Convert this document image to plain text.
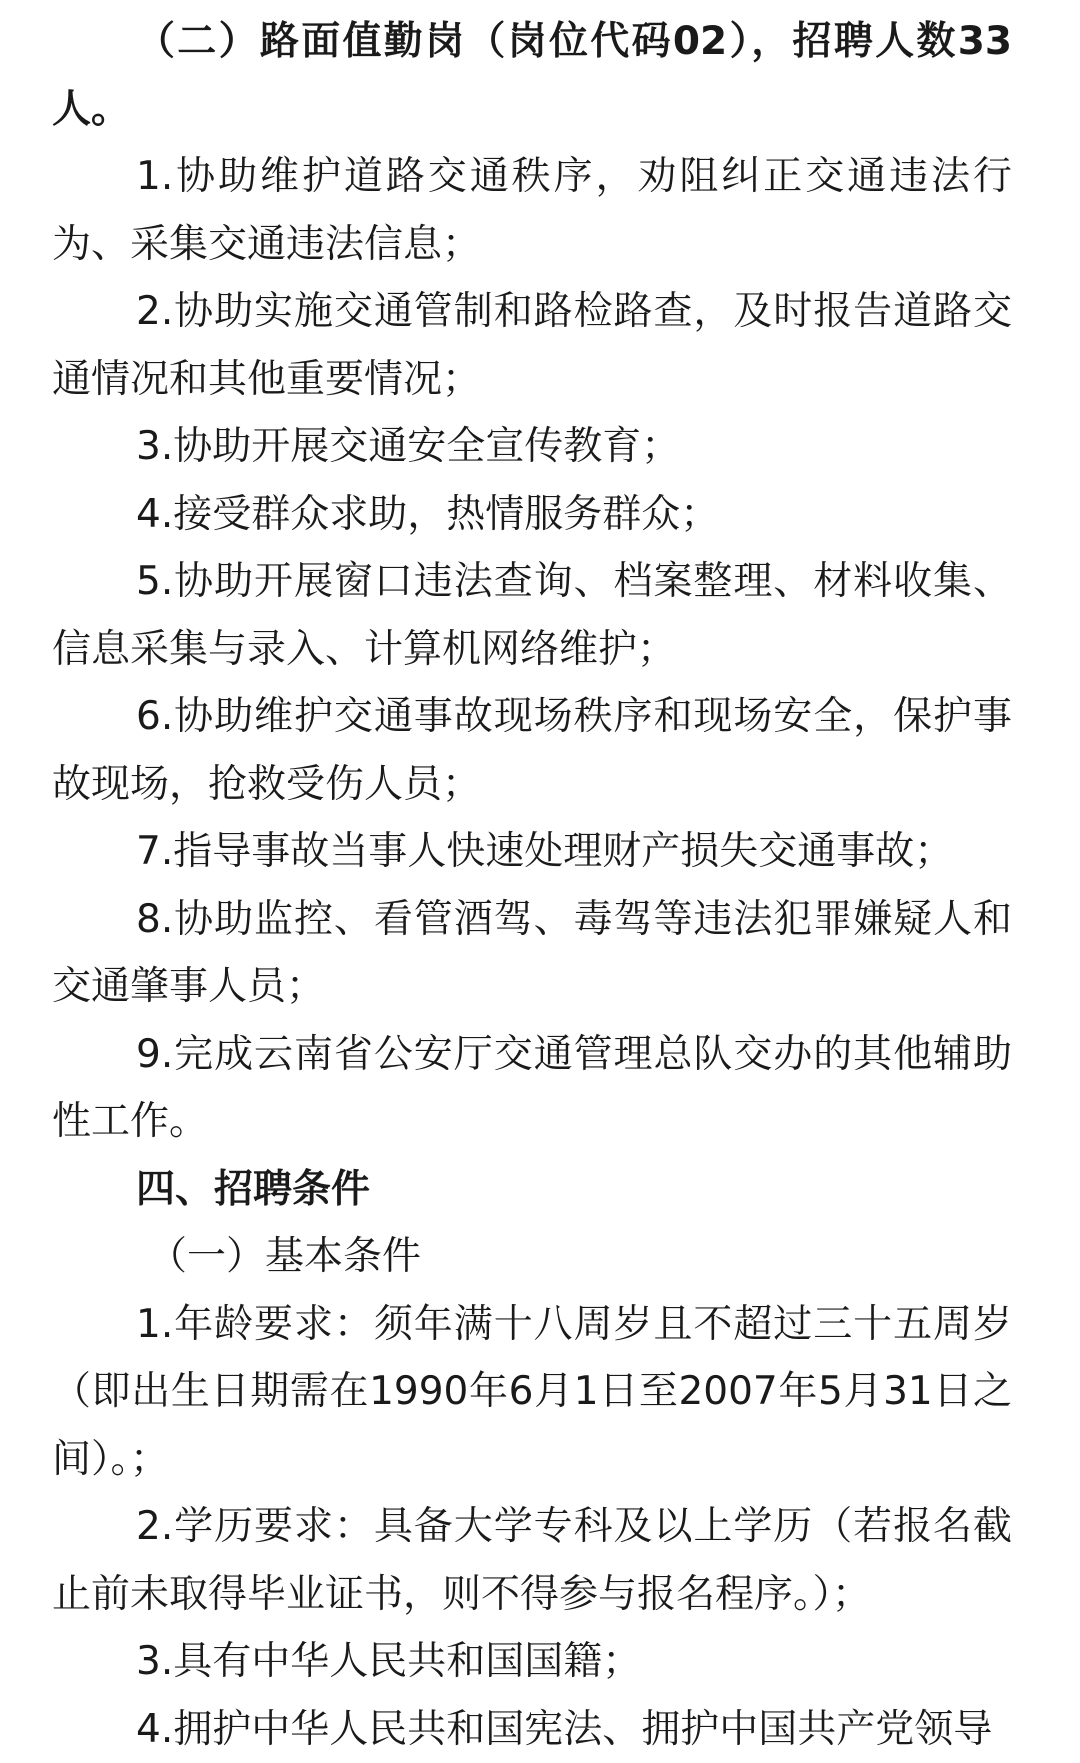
（二）路面值勤岗（岗位代码02），招聘人数33人。

1.协助维护道路交通秩序，劝阻纠正交通违法行为、采集交通违法信息；

2.协助实施交通管制和路检路查，及时报告道路交通情况和其他重要情况；

3.协助开展交通安全宣传教育；

4.接受群众求助，热情服务群众；

5.协助开展窗口违法查询、档案整理、材料收集、信息采集与录入、计算机网络维护；

6.协助维护交通事故现场秩序和现场安全，保护事故现场，抢救受伤人员；

7.指导事故当事人快速处理财产损失交通事故；

8.协助监控、看管酒驾、毒驾等违法犯罪嫌疑人和交通肇事人员；

9.完成云南省公安厅交通管理总队交办的其他辅助性工作。

四、招聘条件

（一）基本条件

1.年龄要求：须年满十八周岁且不超过三十五周岁（即出生日期需在1990年6月1日至2007年5月31日之间）。；

2.学历要求：具备大学专科及以上学历（若报名截止前未取得毕业证书，则不得参与报名程序。）；

3.具有中华人民共和国国籍；

4.拥护中华人民共和国宪法、拥护中国共产党领导
